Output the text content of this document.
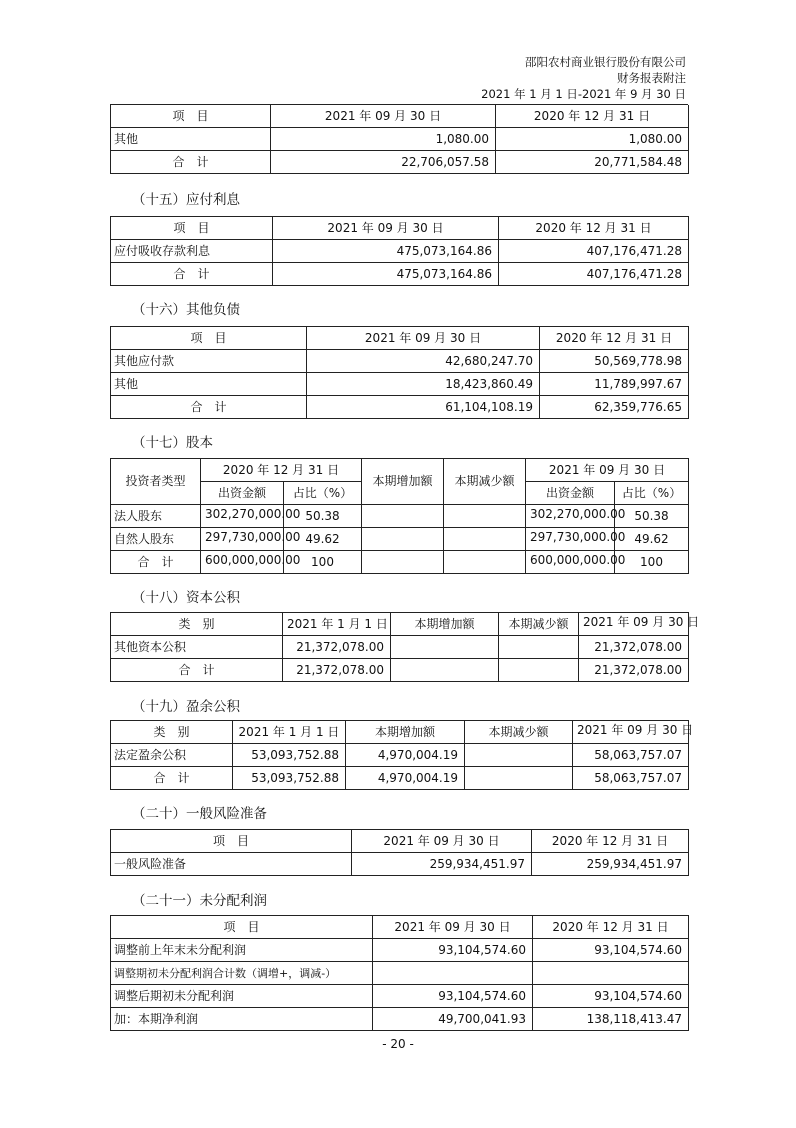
邵阳农村商业银行股份有限公司
财务报表附注
2021 年 1 月 1 日-2021 年 9 月 30 日
项　目	2021 年 09 月 30 日	2020 年 12 月 31 日
其他	1,080.00	1,080.00
合　计	22,706,057.58	20,771,584.48
（十五）应付利息
项　目	2021 年 09 月 30 日	2020 年 12 月 31 日
应付吸收存款利息	475,073,164.86	407,176,471.28
合　计	475,073,164.86	407,176,471.28
（十六）其他负债
项　目	2021 年 09 月 30 日	2020 年 12 月 31 日
其他应付款	42,680,247.70	50,569,778.98
其他	18,423,860.49	11,789,997.67
合　计	61,104,108.19	62,359,776.65
（十七）股本
投资者类型	2020 年 12 月 31 日		本期增加额	本期减少额	2021 年 09 月 30 日	
	出资金额	占比（%）			出资金额	占比（%）
法人股东	302,270,000.00	50.38			302,270,000.00	50.38
自然人股东	297,730,000.00	49.62			297,730,000.00	49.62
合　计	600,000,000.00	100			600,000,000.00	100
（十八）资本公积
类　别	2021 年 1 月 1 日	本期增加额	本期减少额	2021 年 09 月 30 日

其他资本公积	21,372,078.00			21,372,078.00
合　计	21,372,078.00			21,372,078.00
（十九）盈余公积
类　别	2021 年 1 月 1 日	本期增加额	本期减少额	2021 年 09 月 30 日

法定盈余公积	53,093,752.88	4,970,004.19		58,063,757.07
合　计	53,093,752.88	4,970,004.19		58,063,757.07
（二十）一般风险准备
项　目	2021 年 09 月 30 日	2020 年 12 月 31 日
一般风险准备	259,934,451.97	259,934,451.97
（二十一）未分配利润
项　目	2021 年 09 月 30 日	2020 年 12 月 31 日
调整前上年末未分配利润	93,104,574.60	93,104,574.60
调整期初未分配利润合计数（调增+，调减-）		
调整后期初未分配利润	93,104,574.60	93,104,574.60
加：本期净利润	49,700,041.93	138,118,413.47
- 20 -
